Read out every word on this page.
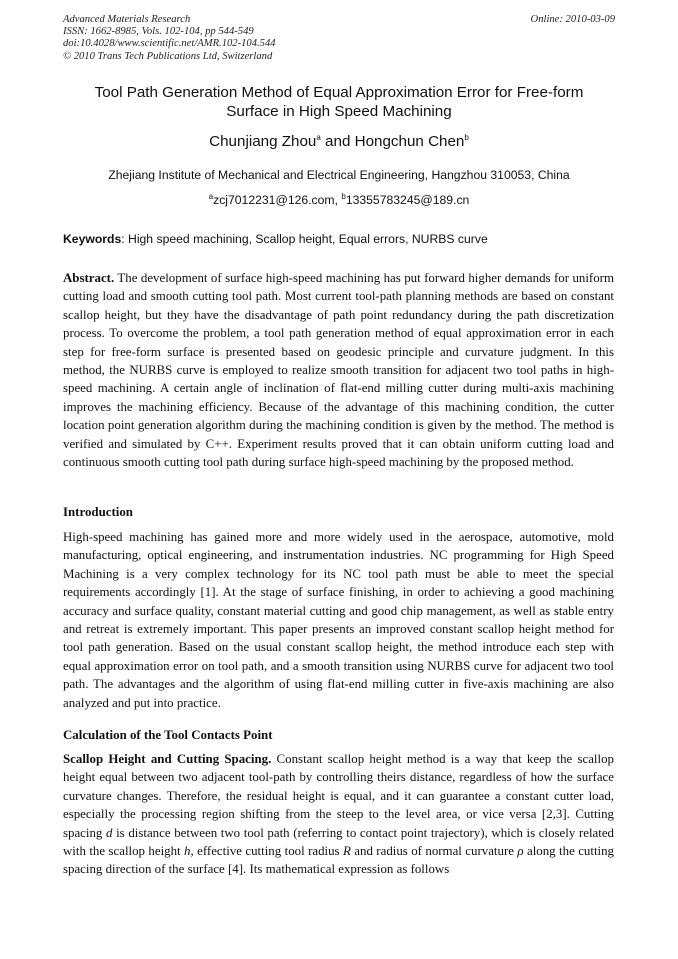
Advanced Materials Research
ISSN: 1662-8985, Vols. 102-104, pp 544-549
doi:10.4028/www.scientific.net/AMR.102-104.544
© 2010 Trans Tech Publications Ltd, Switzerland
Online: 2010-03-09
Tool Path Generation Method of Equal Approximation Error for Free-form
Surface in High Speed Machining
Chunjiang Zhou$^a$ and Hongchun Chen$^b$
Zhejiang Institute of Mechanical and Electrical Engineering, Hangzhou 310053, China
$^a$zcj7012231@126.com, $^b$13355783245@189.cn
Keywords: High speed machining, Scallop height, Equal errors, NURBS curve
Abstract. The development of surface high-speed machining has put forward higher demands for uniform cutting load and smooth cutting tool path. Most current tool-path planning methods are based on constant scallop height, but they have the disadvantage of path point redundancy during the path discretization process. To overcome the problem, a tool path generation method of equal approximation error in each step for free-form surface is presented based on geodesic principle and curvature judgment. In this method, the NURBS curve is employed to realize smooth transition for adjacent two tool paths in high-speed machining. A certain angle of inclination of flat-end milling cutter during multi-axis machining improves the machining efficiency. Because of the advantage of this machining condition, the cutter location point generation algorithm during the machining condition is given by the method. The method is verified and simulated by C++. Experiment results proved that it can obtain uniform cutting load and continuous smooth cutting tool path during surface high-speed machining by the proposed method.
Introduction
High-speed machining has gained more and more widely used in the aerospace, automotive, mold manufacturing, optical engineering, and instrumentation industries. NC programming for High Speed Machining is a very complex technology for its NC tool path must be able to meet the special requirements accordingly [1]. At the stage of surface finishing, in order to achieving a good machining accuracy and surface quality, constant material cutting and good chip management, as well as stable entry and retreat is extremely important. This paper presents an improved constant scallop height method for tool path generation. Based on the usual constant scallop height, the method introduce each step with equal approximation error on tool path, and a smooth transition using NURBS curve for adjacent two tool path. The advantages and the algorithm of using flat-end milling cutter in five-axis machining are also analyzed and put into practice.
Calculation of the Tool Contacts Point
Scallop Height and Cutting Spacing. Constant scallop height method is a way that keep the scallop height equal between two adjacent tool-path by controlling theirs distance, regardless of how the surface curvature changes. Therefore, the residual height is equal, and it can guarantee a constant cutter load, especially the processing region shifting from the steep to the level area, or vice versa [2,3]. Cutting spacing d is distance between two tool path (referring to contact point trajectory), which is closely related with the scallop height h, effective cutting tool radius R and radius of normal curvature ρ along the cutting spacing direction of the surface [4]. Its mathematical expression as follows
